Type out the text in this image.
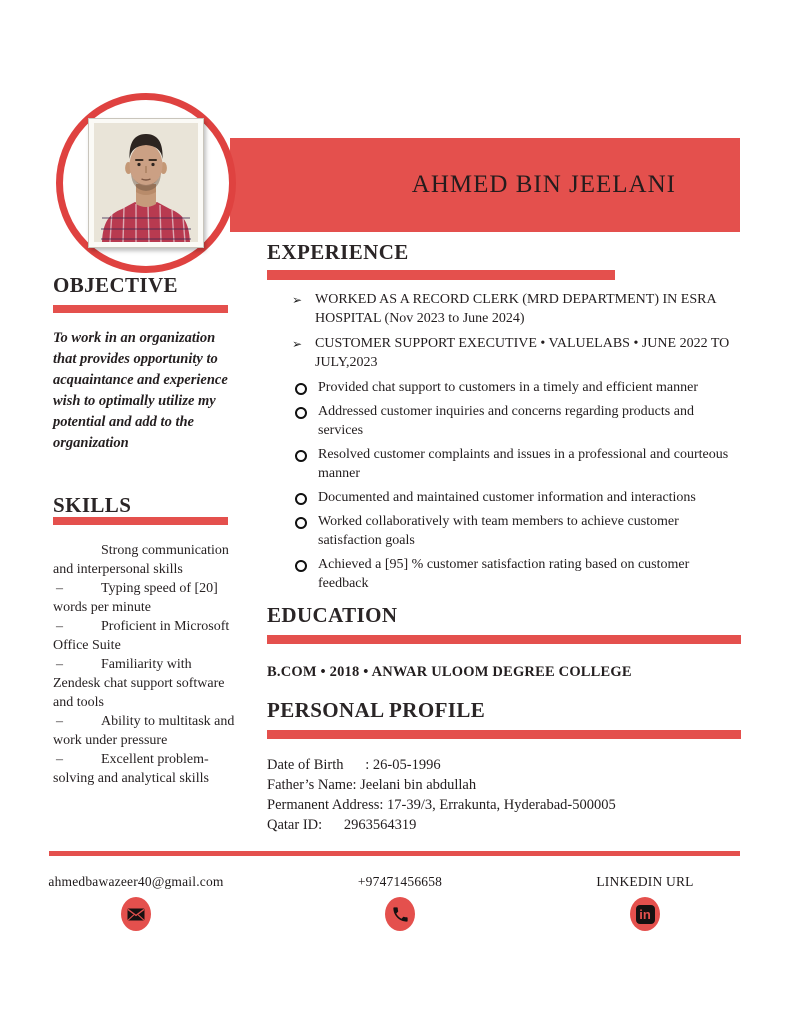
AHMED BIN JEELANI
OBJECTIVE
To work in an organization that provides opportunity to acquaintance and experience wish to optimally utilize my potential and add to the organization
SKILLS
Strong communication and interpersonal skills
–	Typing speed of [20] words per minute
–	Proficient in Microsoft Office Suite
–	Familiarity with Zendesk chat support software and tools
–	Ability to multitask and work under pressure
–	Excellent problem-solving and analytical skills
EXPERIENCE
➢ WORKED AS A RECORD CLERK (MRD DEPARTMENT) IN ESRA HOSPITAL (Nov 2023 to June 2024)
➢ CUSTOMER SUPPORT EXECUTIVE • VALUELABS • JUNE 2022 TO JULY,2023
Provided chat support to customers in a timely and efficient manner
Addressed customer inquiries and concerns regarding products and services
Resolved customer complaints and issues in a professional and courteous manner
Documented and maintained customer information and interactions
Worked collaboratively with team members to achieve customer satisfaction goals
Achieved a [95] % customer satisfaction rating based on customer feedback
EDUCATION
B.COM • 2018 • ANWAR ULOOM DEGREE COLLEGE
PERSONAL PROFILE
Date of Birth      : 26-05-1996
Father’s Name: Jeelani bin abdullah
Permanent Address: 17-39/3, Errakunta, Hyderabad-500005
Qatar ID:      2963564319
ahmedbawazeer40@gmail.com	+97471456658	LINKEDIN URL
in
